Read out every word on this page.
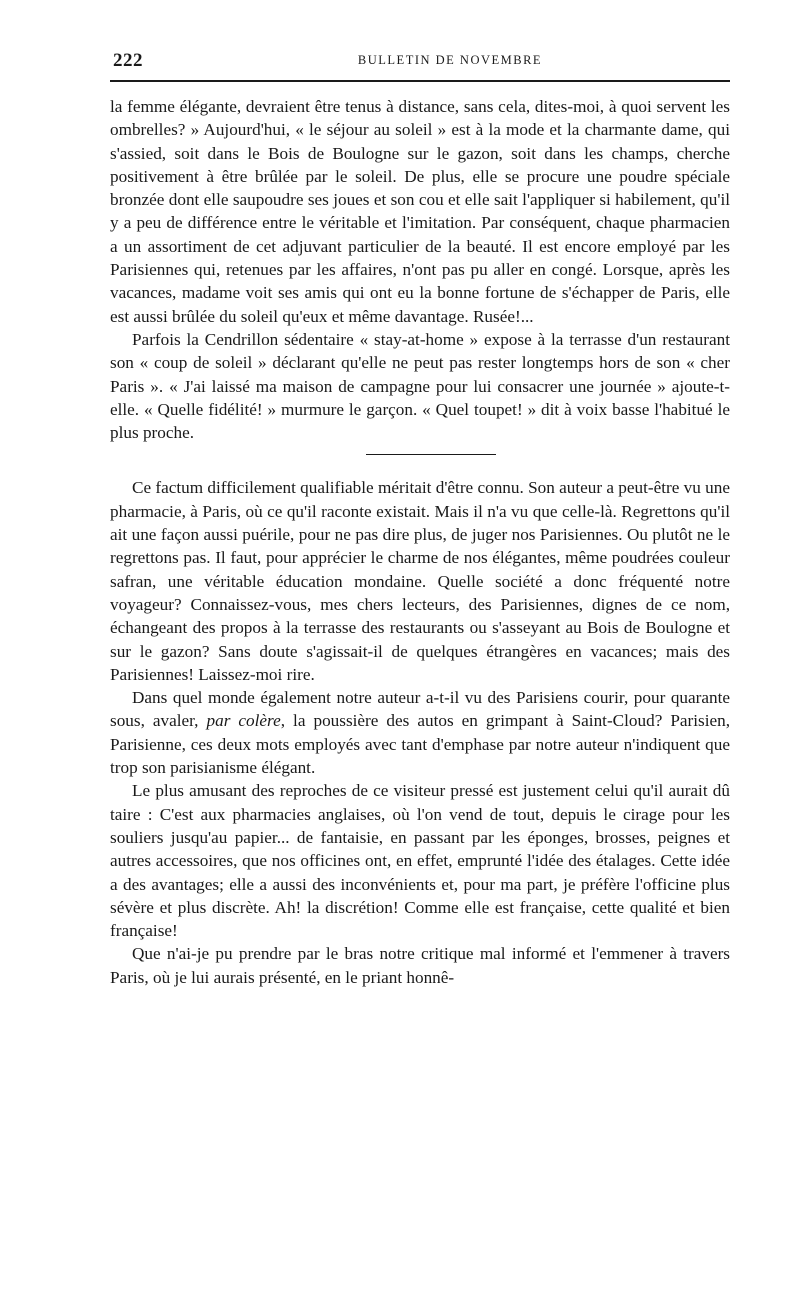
222	BULLETIN DE NOVEMBRE

la femme élégante, devraient être tenus à distance, sans cela, dites-moi, à quoi servent les ombrelles? » Aujourd'hui, « le séjour au soleil » est à la mode et la charmante dame, qui s'assied, soit dans le Bois de Boulogne sur le gazon, soit dans les champs, cherche positivement à être brûlée par le soleil. De plus, elle se procure une poudre spéciale bronzée dont elle saupoudre ses joues et son cou et elle sait l'appliquer si habilement, qu'il y a peu de différence entre le véritable et l'imitation. Par conséquent, chaque pharmacien a un assortiment de cet adjuvant particulier de la beauté. Il est encore employé par les Parisiennes qui, retenues par les affaires, n'ont pas pu aller en congé. Lorsque, après les vacances, madame voit ses amis qui ont eu la bonne fortune de s'échapper de Paris, elle est aussi brûlée du soleil qu'eux et même davantage. Rusée!...

Parfois la Cendrillon sédentaire « stay-at-home » expose à la terrasse d'un restaurant son « coup de soleil » déclarant qu'elle ne peut pas rester longtemps hors de son « cher Paris ». « J'ai laissé ma maison de campagne pour lui consacrer une journée » ajoute-t-elle. « Quelle fidélité! » murmure le garçon. « Quel toupet! » dit à voix basse l'habitué le plus proche.

Ce factum difficilement qualifiable méritait d'être connu. Son auteur a peut-être vu une pharmacie, à Paris, où ce qu'il raconte existait. Mais il n'a vu que celle-là. Regrettons qu'il ait une façon aussi puérile, pour ne pas dire plus, de juger nos Parisiennes. Ou plutôt ne le regrettons pas. Il faut, pour apprécier le charme de nos élégantes, même poudrées couleur safran, une véritable éducation mondaine. Quelle société a donc fréquenté notre voyageur? Connaissez-vous, mes chers lecteurs, des Parisiennes, dignes de ce nom, échangeant des propos à la terrasse des restaurants ou s'asseyant au Bois de Boulogne et sur le gazon? Sans doute s'agissait-il de quelques étrangères en vacances; mais des Parisiennes! Laissez-moi rire.

Dans quel monde également notre auteur a-t-il vu des Parisiens courir, pour quarante sous, avaler, par colère, la poussière des autos en grimpant à Saint-Cloud? Parisien, Parisienne, ces deux mots employés avec tant d'emphase par notre auteur n'indiquent que trop son parisianisme élégant.

Le plus amusant des reproches de ce visiteur pressé est justement celui qu'il aurait dû taire : C'est aux pharmacies anglaises, où l'on vend de tout, depuis le cirage pour les souliers jusqu'au papier... de fantaisie, en passant par les éponges, brosses, peignes et autres accessoires, que nos officines ont, en effet, emprunté l'idée des étalages. Cette idée a des avantages; elle a aussi des inconvénients et, pour ma part, je préfère l'officine plus sévère et plus discrète. Ah! la discrétion! Comme elle est française, cette qualité et bien française!

Que n'ai-je pu prendre par le bras notre critique mal informé et l'emmener à travers Paris, où je lui aurais présenté, en le priant honnê-
